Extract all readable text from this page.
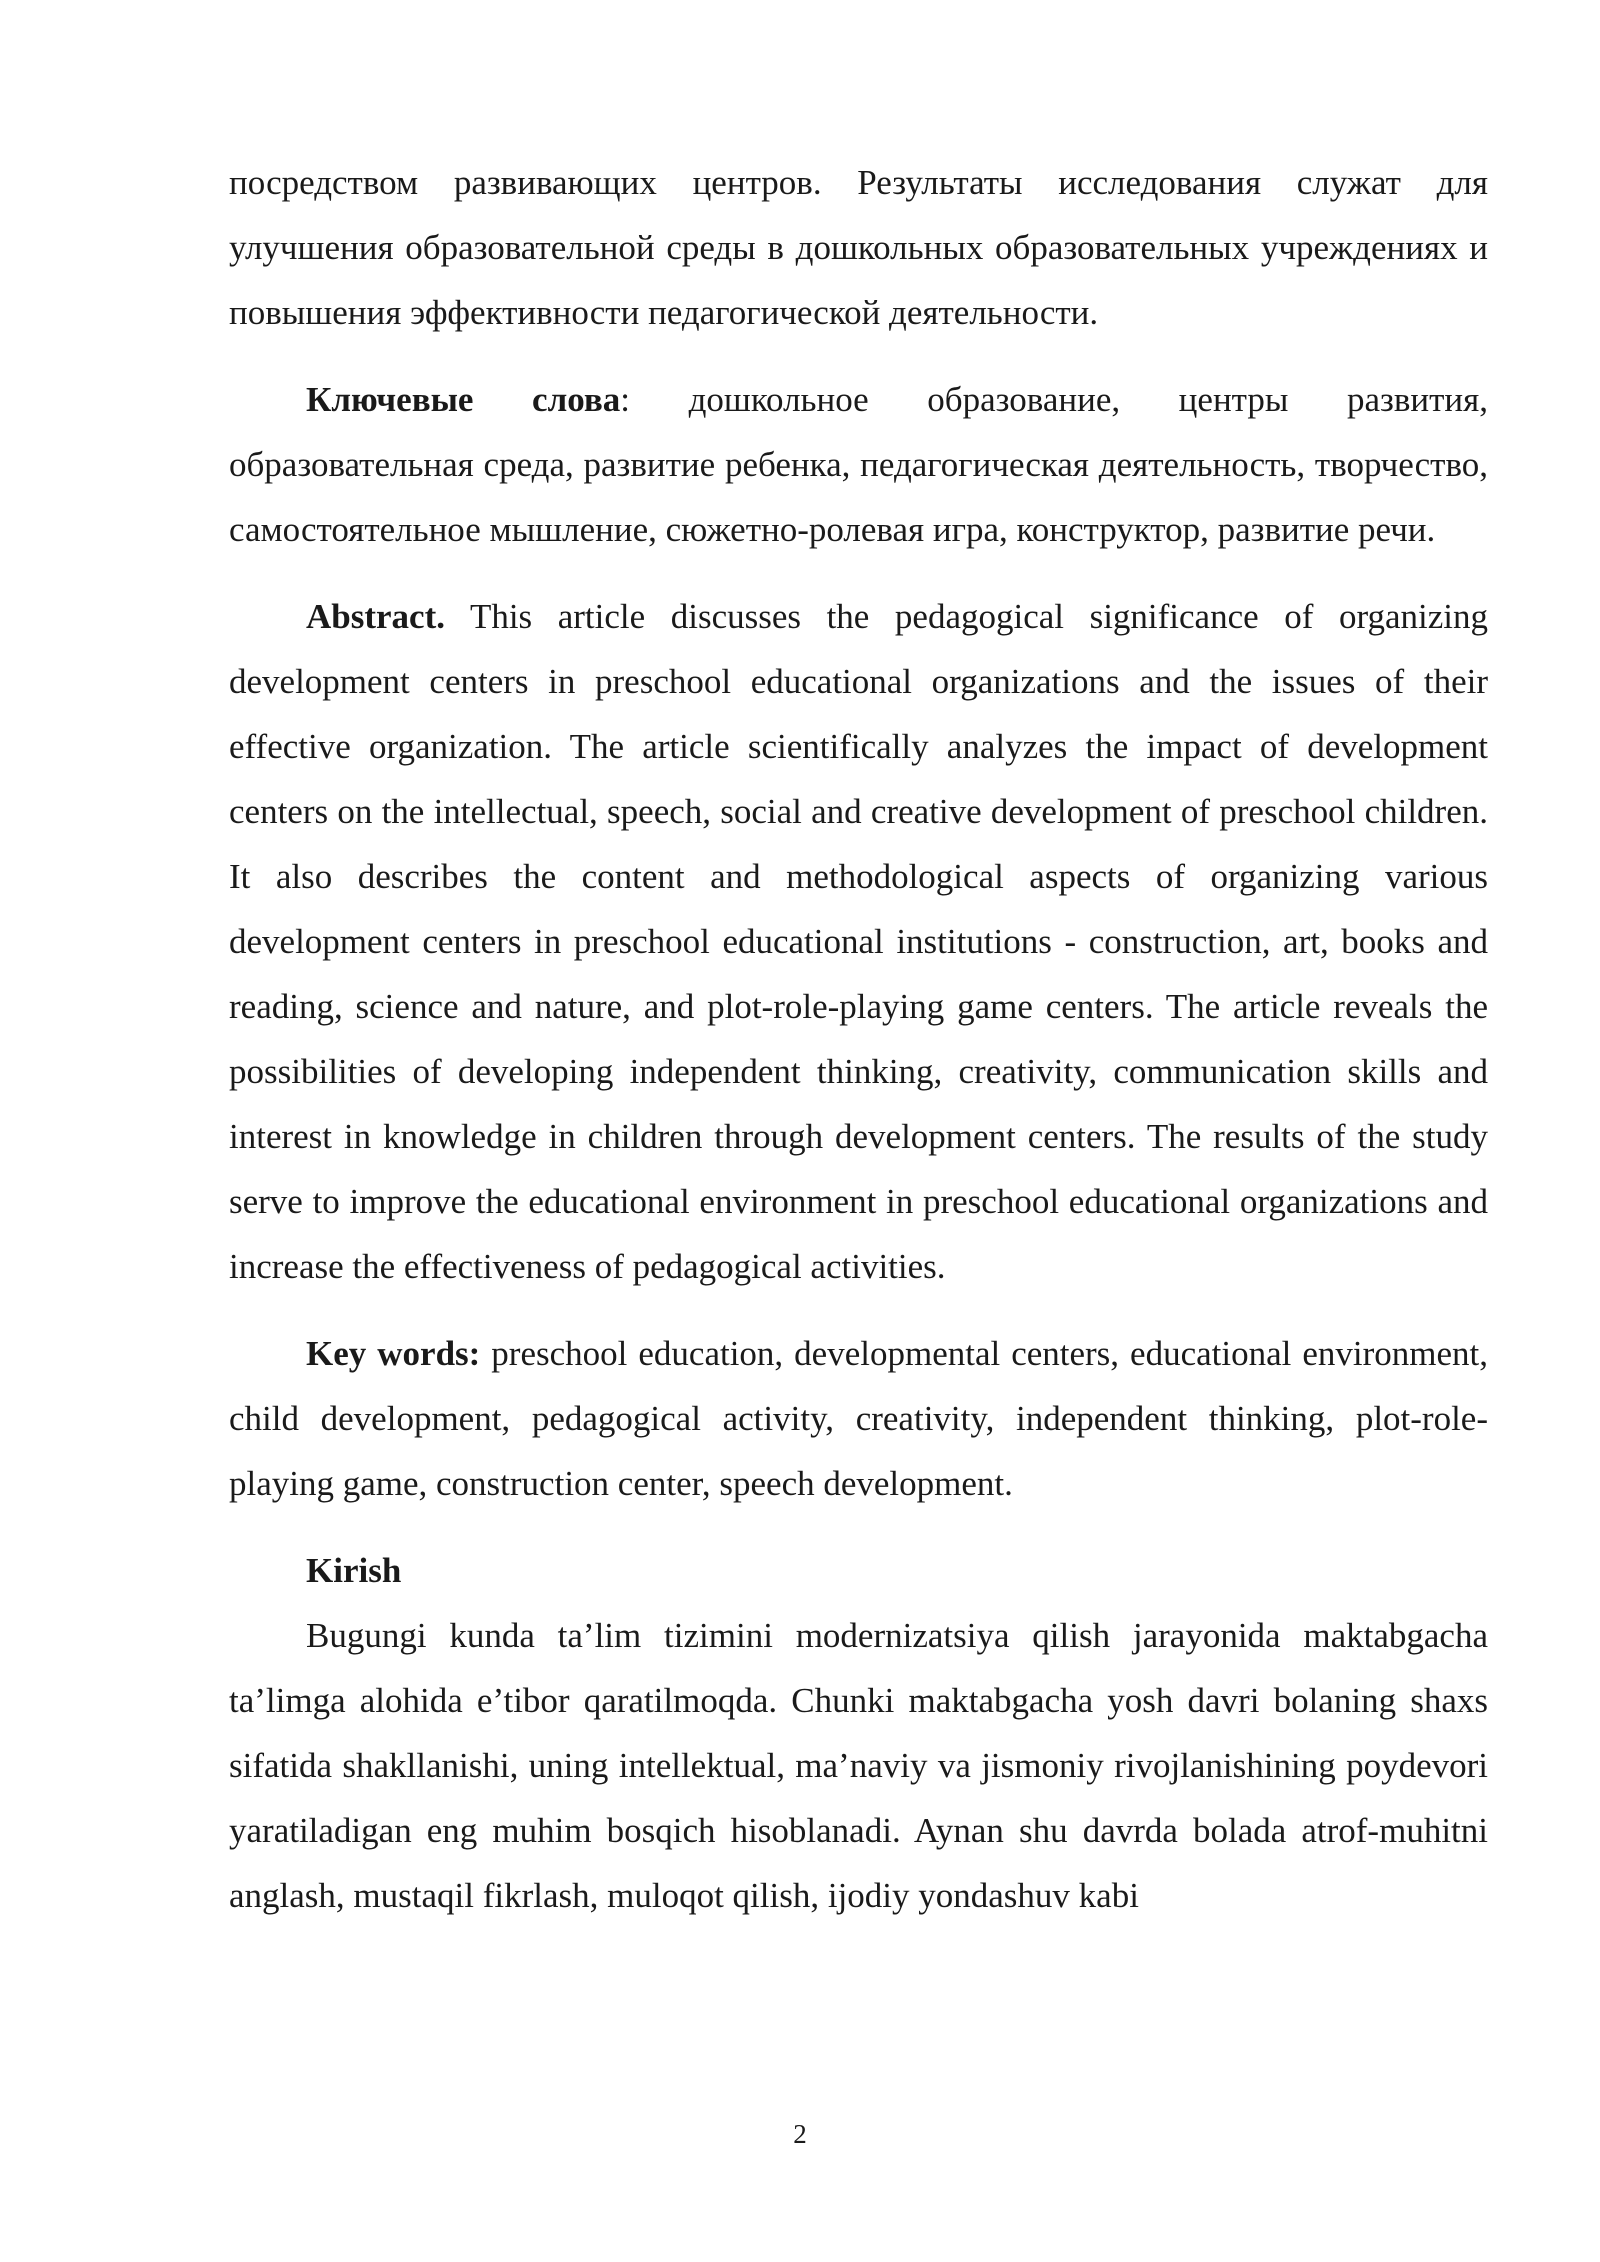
посредством развивающих центров. Результаты исследования служат для улучшения образовательной среды в дошкольных образовательных учреждениях и повышения эффективности педагогической деятельности.

Ключевые слова: дошкольное образование, центры развития, образовательная среда, развитие ребенка, педагогическая деятельность, творчество, самостоятельное мышление, сюжетно-ролевая игра, конструктор, развитие речи.

Abstract. This article discusses the pedagogical significance of organizing development centers in preschool educational organizations and the issues of their effective organization. The article scientifically analyzes the impact of development centers on the intellectual, speech, social and creative development of preschool children. It also describes the content and methodological aspects of organizing various development centers in preschool educational institutions - construction, art, books and reading, science and nature, and plot-role-playing game centers. The article reveals the possibilities of developing independent thinking, creativity, communication skills and interest in knowledge in children through development centers. The results of the study serve to improve the educational environment in preschool educational organizations and increase the effectiveness of pedagogical activities.

Key words: preschool education, developmental centers, educational environment, child development, pedagogical activity, creativity, independent thinking, plot-role-playing game, construction center, speech development.

Kirish

Bugungi kunda ta’lim tizimini modernizatsiya qilish jarayonida maktabgacha ta’limga alohida e’tibor qaratilmoqda. Chunki maktabgacha yosh davri bolaning shaxs sifatida shakllanishi, uning intellektual, ma’naviy va jismoniy rivojlanishining poydevori yaratiladigan eng muhim bosqich hisoblanadi. Aynan shu davrda bolada atrof-muhitni anglash, mustaqil fikrlash, muloqot qilish, ijodiy yondashuv kabi

2
